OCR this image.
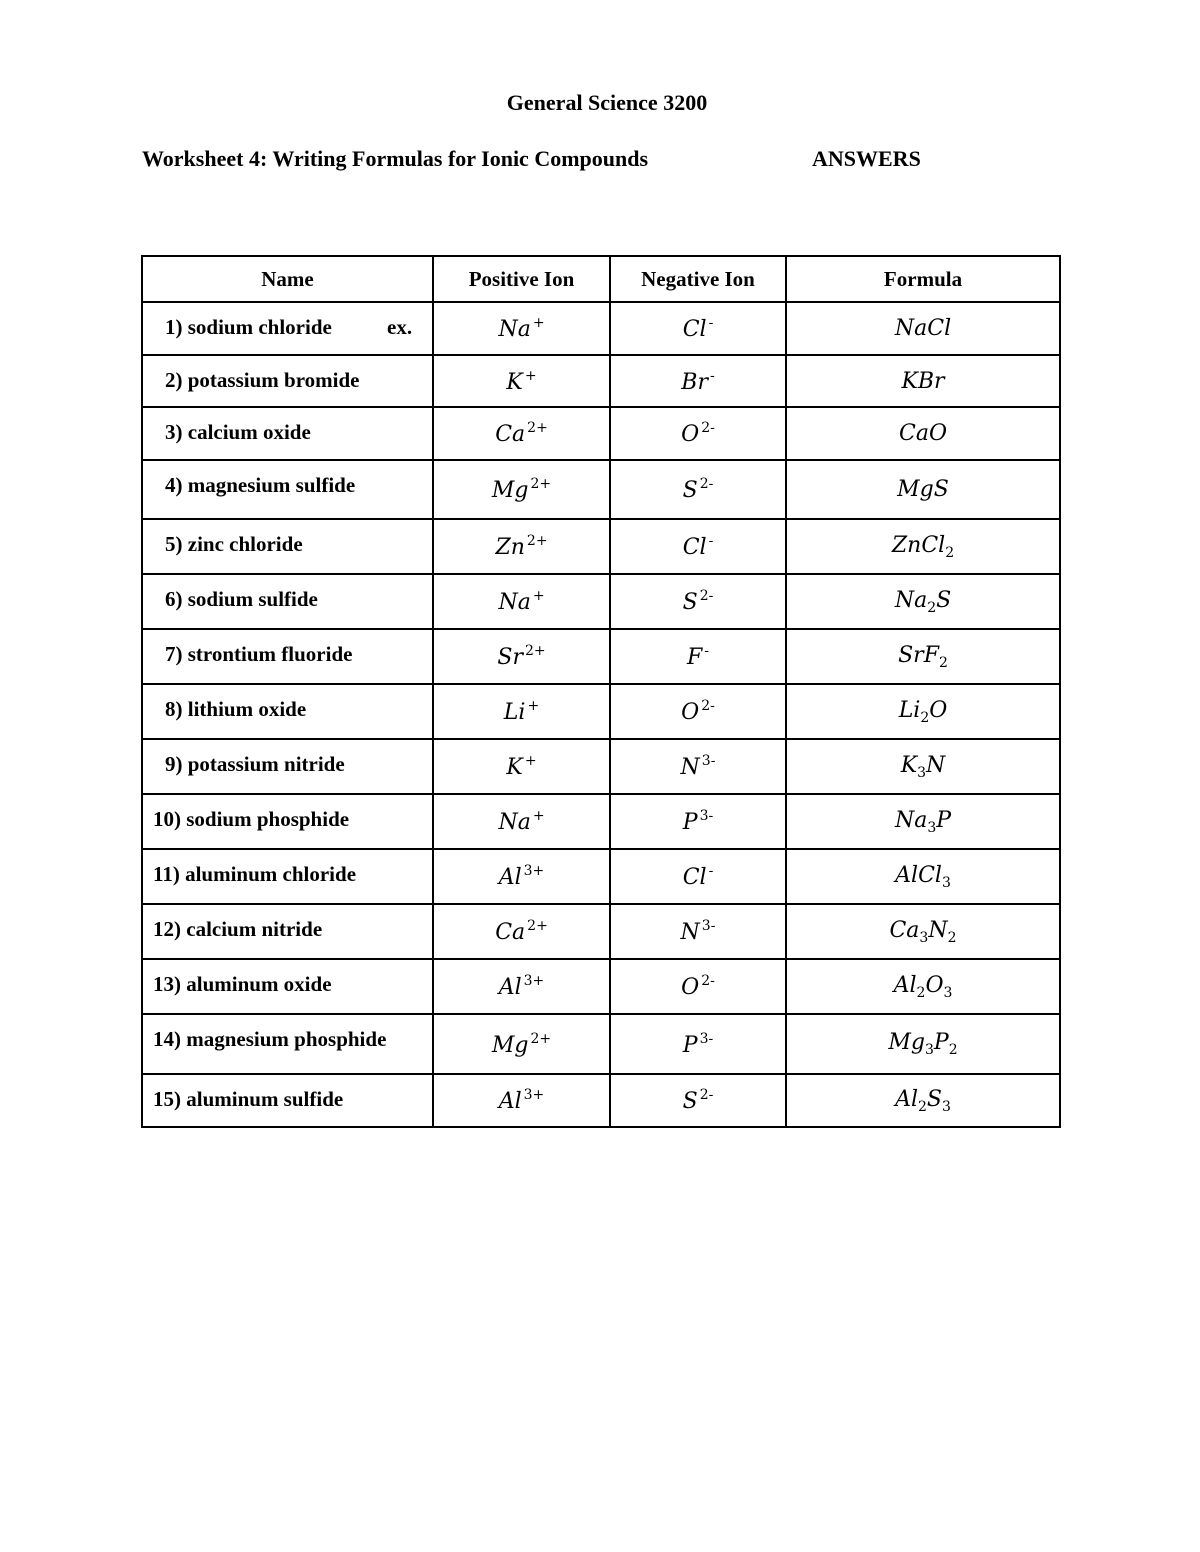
General Science 3200
Worksheet 4: Writing Formulas for Ionic Compounds	ANSWERS
Name	Positive Ion	Negative Ion	Formula

1) sodium chloride ex.	Na +	Cl -	NaCl

2) potassium bromide	K +	Br -	KBr

3) calcium oxide	Ca $^{2+}$	O $^{2-}$	CaO

4) magnesium sulfide	Mg $^{2+}$	S $^{2-}$	MgS

5) zinc chloride	Zn $^{2+}$	Cl -	ZnCl$_2$

6) sodium sulfide	Na +	S $^{2-}$	$Na_2S$

7) strontium fluoride	Sr $^{2+}$	F -	SrF$_2$

8) lithium oxide	Li +	O $^{2-}$	$Li_2O$

9) potassium nitride	K +	N $^{3-}$	$K_3N$

10) sodium phosphide	Na +	P $^{3-}$	$Na_3P$

11) aluminum chloride	Al $^{3+}$	Cl -	AlCl$_3$

12) calcium nitride	Ca $^{2+}$	N $^{3-}$	$Ca_3N_2$

13) aluminum oxide	Al $^{3+}$	O $^{2-}$	$Al_2O_3$

14) magnesium phosphide	Mg $^{2+}$	P $^{3-}$	$Mg_3P_2$

15) aluminum sulfide	Al $^{3+}$	S $^{2-}$	$Al_2S_3$
